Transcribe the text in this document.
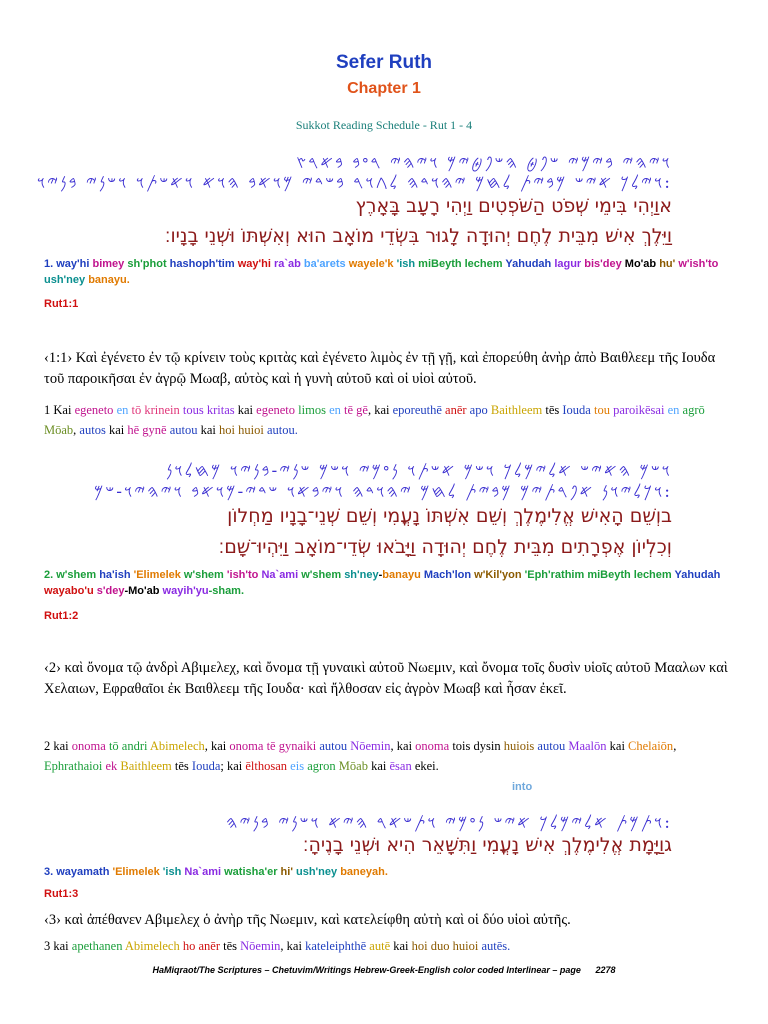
Sefer Ruth
Chapter 1
Sukkot Reading Schedule - Rut 1 - 4
𐤅𐤉𐤄𐤉 𐤁𐤉𐤌𐤉 𐤔𐤐𐤈 𐤄𐤔𐤐𐤈𐤉𐤌 𐤅𐤉𐤄𐤉 𐤓𐤏𐤁 𐤁𐤀𐤓𐤑
:𐤅𐤉𐤋𐤊 𐤀𐤉𐤔 𐤌𐤁𐤉𐤕 𐤋𐤇𐤌 𐤉𐤄𐤅𐤃𐤄 𐤋𐤂𐤅𐤓 𐤁𐤔𐤃𐤉 𐤌𐤅𐤀𐤁 𐤄𐤅𐤀 𐤅𐤀𐤔𐤕𐤅 𐤅𐤔𐤍𐤉 𐤁𐤍𐤉𐤅
אוַיְהִי בִּימֵי שְׁפֹט הַשֹּׁפְטִים וַיְהִי רָעָב בָּאָרֶץ
וַיֵּלֶךְ אִישׁ מִבֵּית לֶחֶם יְהוּדָה לָגוּר בִּשְׂדֵי מוֹאָב הוּא וְאִשְׁתּוֹ וּשְׁנֵי בָנָיו׃
1. way'hi bimey sh'phot hashoph'tim way'hi ra`ab ba'arets wayele'k 'ish miBeyth lechem Yahudah lagur bis'dey Mo'ab hu' w'ish'to ush'ney banayu.
Rut1:1
‹1:1› Καὶ ἐγένετο ἐν τῷ κρίνειν τοὺς κριτὰς καὶ ἐγένετο λιμὸς ἐν τῇ γῇ, καὶ ἐπορεύθη ἀνὴρ ἀπὸ Βαιθλεεμ τῆς Ιουδα τοῦ παροικῆσαι ἐν ἀγρῷ Μωαβ, αὐτὸς καὶ ἡ γυνὴ αὐτοῦ καὶ οἱ υἱοὶ αὐτοῦ.
1 Kai egeneto en tō krinein tous kritas kai egeneto limos en tē gē, kai eporeuthē anēr apo Baithleem tēs Iouda tou paroikēsai en agrō Mōab, autos kai hē gynē autou kai hoi huioi autou.
𐤅𐤔𐤌 𐤄𐤀𐤉𐤔 𐤀𐤋𐤉𐤌𐤋𐤊 𐤅𐤔𐤌 𐤀𐤔𐤕𐤅 𐤍𐤏𐤌𐤉 𐤅𐤔𐤌 𐤔𐤍𐤉-𐤁𐤍𐤉𐤅 𐤌𐤇𐤋𐤅𐤍
:𐤅𐤊𐤋𐤉𐤅𐤍 𐤀𐤐𐤓𐤕𐤉𐤌 𐤌𐤁𐤉𐤕 𐤋𐤇𐤌 𐤉𐤄𐤅𐤃𐤄 𐤅𐤉𐤁𐤀𐤅 𐤔𐤃𐤉-𐤌𐤅𐤀𐤁 𐤅𐤉𐤄𐤉𐤅-𐤔𐤌
בוְשֵׁם הָאִישׁ אֱלִימֶלֶךְ וְשֵׁם אִשְׁתּוֹ נָעֳמִי וְשֵׁם שְׁנֵי־בָנָיו מַחְלוֹן
וְכִלְיוֹן אֶפְרָתִים מִבֵּית לֶחֶם יְהוּדָה וַיָּבֹאוּ שְׂדֵי־מוֹאָב וַיִּהְיוּ־שָׁם׃
2. w'shem ha'ish 'Elimelek w'shem 'ish'to Na`ami w'shem sh'ney-banayu Mach'lon w'Kil'yon 'Eph'rathim miBeyth lechem Yahudah wayabo'u s'dey-Mo'ab wayih'yu-sham.
Rut1:2
‹2› καὶ ὄνομα τῷ ἀνδρὶ Αβιμελεχ, καὶ ὄνομα τῇ γυναικὶ αὐτοῦ Νωεμιν, καὶ ὄνομα τοῖς δυσὶν υἱοῖς αὐτοῦ Μααλων καὶ Χελαιων, Εφραθαῖοι ἐκ Βαιθλεεμ τῆς Ιουδα· καὶ ἤλθοσαν εἰς ἀγρὸν Μωαβ καὶ ἦσαν ἐκεῖ.
2 kai onoma tō andri Abimelech, kai onoma tē gynaiki autou Nōemin, kai onoma tois dysin huiois autou Maalōn kai Chelaiōn, Ephrathaioi ek Baithleem tēs Iouda; kai ēlthosan eis agron Mōab kai ēsan ekei.
into
:𐤅𐤕𐤌𐤕 𐤀𐤋𐤉𐤌𐤋𐤊 𐤀𐤉𐤔 𐤍𐤏𐤌𐤉 𐤅𐤕𐤔𐤀𐤓 𐤄𐤉𐤀 𐤅𐤔𐤍𐤉 𐤁𐤍𐤉𐤄
גוַיָּמָת אֱלִימֶלֶךְ אִישׁ נָעֳמִי וַתִּשָּׁאֵר הִיא וּשְׁנֵי בָנֶיהָ׃
3. wayamath 'Elimelek 'ish Na`ami watisha'er hi' ush'ney baneyah.
Rut1:3
‹3› καὶ ἀπέθανεν Αβιμελεχ ὁ ἀνὴρ τῆς Νωεμιν, καὶ κατελείφθη αὐτὴ καὶ οἱ δύο υἱοὶ αὐτῆς.
3 kai apethanen Abimelech ho anēr tēs Nōemin, kai kateleiphthē autē kai hoi duo huioi autēs.
HaMiqraot/The Scriptures – Chetuvim/Writings Hebrew-Greek-English color coded Interlinear – page 2278
